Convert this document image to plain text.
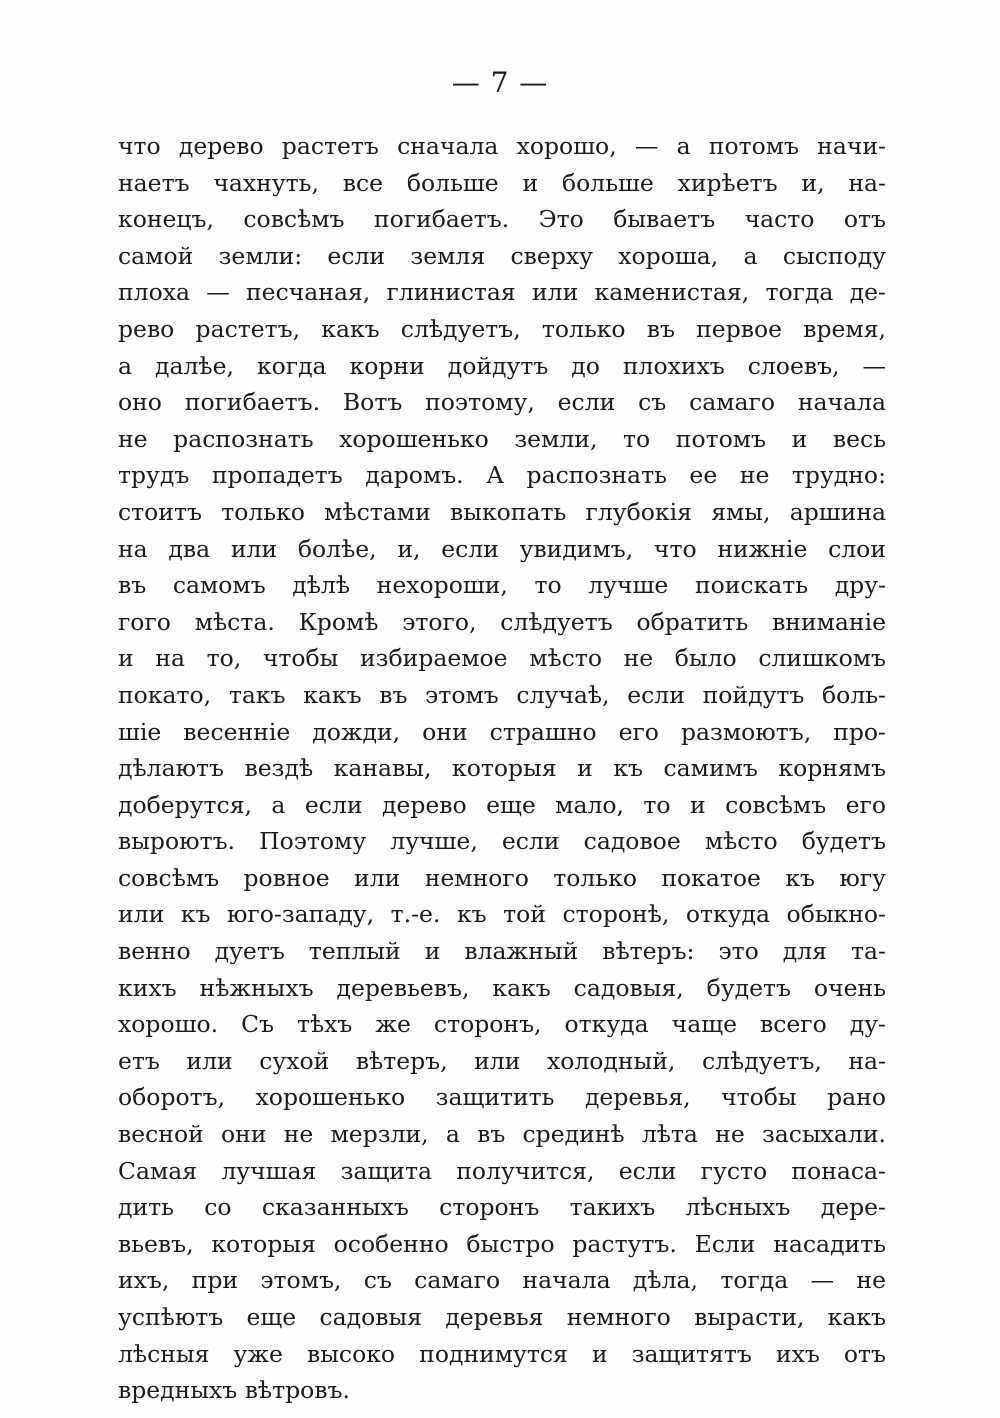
— 7 —
что дерево растетъ сначала хорошо, — а потомъ начи-
наетъ чахнуть, все больше и больше хирѣетъ и, на-
конецъ, совсѣмъ погибаетъ. Это бываетъ часто отъ
самой земли: если земля сверху хороша, а сыcподу
плоха — песчаная, глинистая или каменистая, тогда де-
рево растетъ, какъ слѣдуетъ, только въ первое время,
а далѣе, когда корни дойдутъ до плохихъ слоевъ, —
оно погибаетъ. Вотъ поэтому, если съ самаго начала
не распознать хорошенько земли, то потомъ и весь
трудъ пропадетъ даромъ. А распознать ее не трудно:
стоитъ только мѣстами выкопать глубокія ямы, аршина
на два или болѣе, и, если увидимъ, что нижніе слои
въ самомъ дѣлѣ нехороши, то лучше поискать дру-
гого мѣста. Кромѣ этого, слѣдуетъ обратить вниманіе
и на то, чтобы избираемое мѣсто не было слишкомъ
покато, такъ какъ въ этомъ случаѣ, если пойдутъ боль-
шіе весенніе дожди, они страшно его размоютъ, про-
дѣлаютъ вездѣ канавы, которыя и къ самимъ корнямъ
доберутся, а если дерево еще мало, то и совсѣмъ его
выроютъ. Поэтому лучше, если садовое мѣсто будетъ
совсѣмъ ровное или немного только покатое къ югу
или къ юго-западу, т.-е. къ той сторонѣ, откуда обыкно-
венно дуетъ теплый и влажный вѣтеръ: это для та-
кихъ нѣжныхъ деревьевъ, какъ садовыя, будетъ очень
хорошо. Съ тѣхъ же сторонъ, откуда чаще всего ду-
етъ или сухой вѣтеръ, или холодный, слѣдуетъ, на-
оборотъ, хорошенько защитить деревья, чтобы рано
весной они не мерзли, а въ срединѣ лѣта не засыхали.
Самая лучшая защита получится, если густо понаса-
дить со сказанныхъ сторонъ такихъ лѣсныхъ дере-
вьевъ, которыя особенно быстро растутъ. Если насадить
ихъ, при этомъ, съ самаго начала дѣла, тогда — не
успѣютъ еще садовыя деревья немного вырасти, какъ
лѣсныя уже высоко поднимутся и защитятъ ихъ отъ
вредныхъ вѣтровъ.
